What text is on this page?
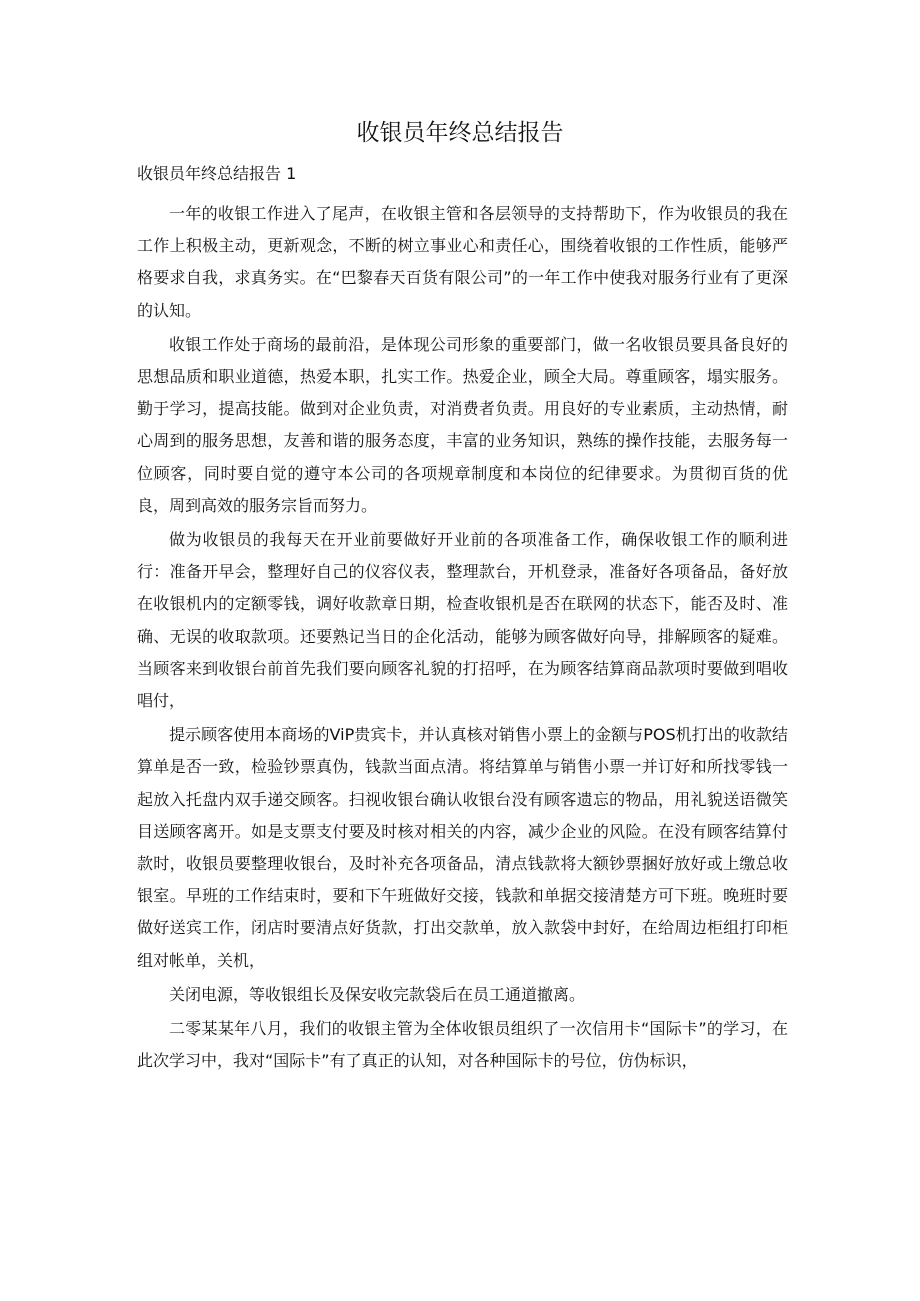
收银员年终总结报告
收银员年终总结报告 1

一年的收银工作进入了尾声，在收银主管和各层领导的支持帮助下，作为收银员的我在工作上积极主动，更新观念，不断的树立事业心和责任心，围绕着收银的工作性质，能够严格要求自我，求真务实。在“巴黎春天百货有限公司”的一年工作中使我对服务行业有了更深的认知。

收银工作处于商场的最前沿，是体现公司形象的重要部门，做一名收银员要具备良好的思想品质和职业道德，热爱本职，扎实工作。热爱企业，顾全大局。尊重顾客，塌实服务。勤于学习，提高技能。做到对企业负责，对消费者负责。用良好的专业素质，主动热情，耐心周到的服务思想，友善和谐的服务态度，丰富的业务知识，熟练的操作技能，去服务每一位顾客，同时要自觉的遵守本公司的各项规章制度和本岗位的纪律要求。为贯彻百货的优良，周到高效的服务宗旨而努力。

做为收银员的我每天在开业前要做好开业前的各项准备工作，确保收银工作的顺利进行：准备开早会，整理好自己的仪容仪表，整理款台，开机登录，准备好各项备品，备好放在收银机内的定额零钱，调好收款章日期，检查收银机是否在联网的状态下，能否及时、准确、无误的收取款项。还要熟记当日的企化活动，能够为顾客做好向导，排解顾客的疑难。当顾客来到收银台前首先我们要向顾客礼貌的打招呼，在为顾客结算商品款项时要做到唱收唱付，

提示顾客使用本商场的ViP贵宾卡，并认真核对销售小票上的金额与POS机打出的收款结算单是否一致，检验钞票真伪，钱款当面点清。将结算单与销售小票一并订好和所找零钱一起放入托盘内双手递交顾客。扫视收银台确认收银台没有顾客遗忘的物品，用礼貌送语微笑目送顾客离开。如是支票支付要及时核对相关的内容，减少企业的风险。在没有顾客结算付款时，收银员要整理收银台，及时补充各项备品，清点钱款将大额钞票捆好放好或上缴总收银室。早班的工作结束时，要和下午班做好交接，钱款和单据交接清楚方可下班。晚班时要做好送宾工作，闭店时要清点好货款，打出交款单，放入款袋中封好，在给周边柜组打印柜组对帐单，关机，

关闭电源，等收银组长及保安收完款袋后在员工通道撤离。

二零某某年八月，我们的收银主管为全体收银员组织了一次信用卡“国际卡”的学习，在此次学习中，我对“国际卡”有了真正的认知，对各种国际卡的号位，仿伪标识，
